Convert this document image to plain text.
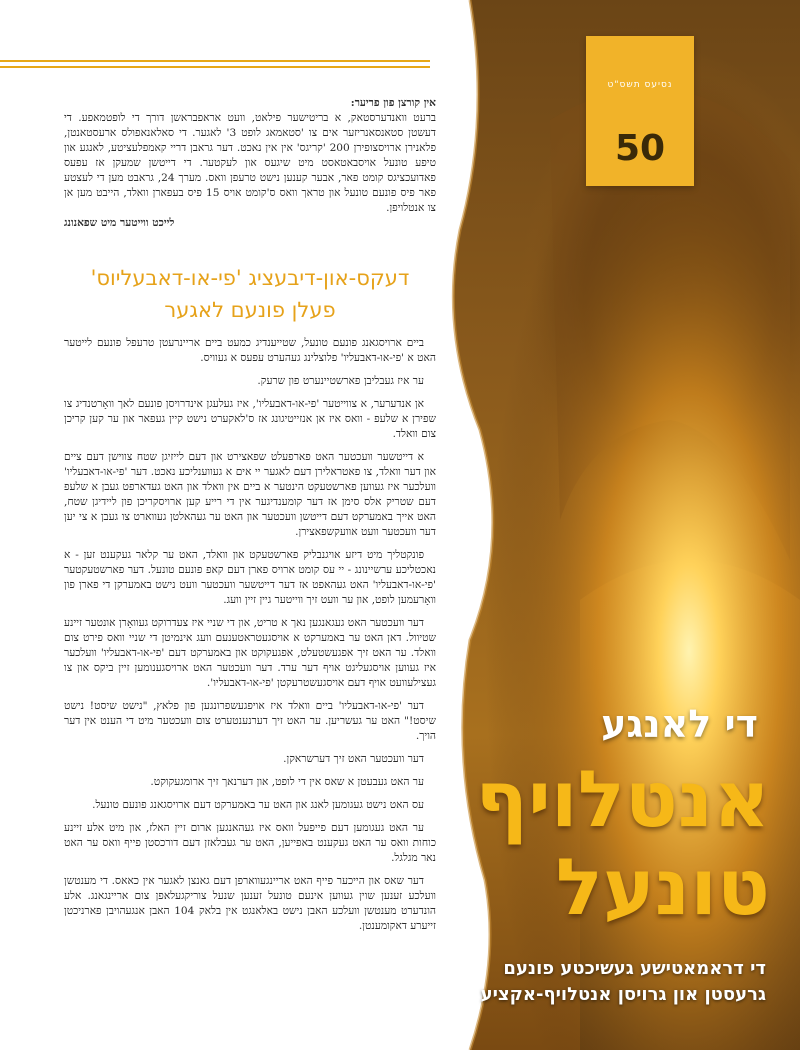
נסיעס תשס"ט
50

אין קורצן פון פריער:

ברעט וואנדערסטאק, א בריטישער פילאט, וועט אראפבראשן דורך די לופטמאפע. די דעשטן סטאנסאנריזער אים צו 'סטאמאג לופט 3' לאגער. די סאלאנאפולס ארעסטאנטן, פלאנירן ארויסצופירן 200 'קריגס' אין אין נאכט. דער גראבן דריי קאמפלעציטע, לאנגע און טיפע טונעל אויסבאטאסט מיט שיגעס און לעקטער. די דייטשן שמעקן אז עפעס פאדועכציגס קומט פאר, אבער קענען נישט טרעפן וואס. מערך 24, גראבט מען די לעצטע פאר פיס פונעם טונעל און טראך וואס ס'קומט אויס 15 פיס בעפארן וואלד, הייבט מען אן צו אנטלויפן.

לייכט ווייטער מיט שפאנונג

דעקס-און-דיבעציג 'פי-או-דאבעליוס'
פעלן פונעם לאגער

ביים ארויסגאנג פונעם טונעל, שטייענדיג כמעט ביים אריינרעטן טרעפל פונעם לייטער האט א 'פי-או-דאבעליו' פלוצלינג געהערט עפעס א געוויס.

ער איז געבליבן פארשטיינערט פון שרעק.

אן אנדערער, א צווייטער 'פי-או-דאבעליו', איז געלעגן אינדרויסן פונעם לאך וואָרטנדיג צו שפירן א שלעפ - וואס איז אן אנזייטיגונג אז ס'לאקערט נישט קיין געפאר און ער קען קריכן צום וואלד.

א דייטשער וועכטער האט פארפעלט שפאצירט און דעם לייזיגן שטח צווישן דעם ציים און דער וואלד, צו פאטראלירן דעם לאגער יי אים א געווענליכע נאכט. דער 'פי-או-דאבעליו' וועלכער איז געווען פארשטעקט הינטער א ביים אין וואלד און האט געדארפט געבן א שלעפ דעם שטריק אלס סימן אז דער קומענדיגער אין די רייע קען ארויסקריכן פון ליידיגן שטח, האט אייך באמערקט דעם דייטשן וועכטער און האט ער געהאלטן געווארט צו געבן א צי יען דער וועכטער וועט אוועקשפאצירן.

פונקטליך מיט דיזע אויגנבליק פארשטעקט און וואלד, האט ער קלאר געקענט זען - א נאכטליכע ערשיינונג - יי עס קומט ארויס פארן דעם קאפ פונעם טונעל. דער פארשטעקטער 'פי-או-דאבעליו' האט געהאפט אז דער דייטשער וועכטער וועט נישט באמערקן די פארן פון וואָרעמען לופט, און ער וועט זיך ווייטער גיין זיין וועג.

דער וועכטער האט געגאנגען נאך א טריט, און די שניי איז צעדרוקט געוואָרן אונטער זיינע שטיוול. דאן האט ער באמערקט א אויסגעטראטענעם וועג אינמיטן די שניי וואס פירט צום וואלד. ער האט זיך אפגעשטעלט, אפגעקוקט און באמערקט דעם 'פי-או-דאבעליו' וועלכער איז געווען אויסגעליגט אויף דער ערד. דער וועכטער האט ארויסגענומען זיין ביקס און צו געצילעוועט אויף דעם אויסגעשטרעקטן 'פי-או-דאבעליו'.

דער 'פי-או-דאבעליו' ביים וואלד איז אויפגעשפרונגען פון פלאץ, "נישט שיסט! נישט שיסט!" האט ער געשריען. ער האט זיך דערנענטערט צום וועכטער מיט די הענט אין דער הויך.

דער וועכטער האט זיך דערשראקן.

ער האט געבעטן א שאס אין די לופט, און דערנאך זיך ארומגעקוקט.

עס האט נישט געגומען לאנג און האט ער באמערקט דעם ארויסגאנג פונעם טונעל.

ער האט געגומען דעם פייפעל וואס איז געהאנגען ארום זיין האלז, און מיט אלע זיינע כוחות וואס ער האט געקענט באפייען, האט ער געבלאזן דעם דורכסטן פייף וואס ער האט נאר מגלגל.

דער שאס און הייכער פייף האט אריינגעווארפן דעם גאנצן לאגער אין כאאס. די מענטשן וועלכע זענען שוין געווען אינעם טונעל זענען שנעל צוריקגעלאפן צום אריינגאנג. אלע הונדערט מענטשן וועלכע האבן נישט באלאנגט אין בלאק 104 האבן אנגעהויבן פארניכטן זייערע דאקומענטן.

די לאנגע
אנטלויף
טונעל
די דראמאטישע געשיכטע פונעם
גרעסטן און גרויסן אנטלויף-אקציע
